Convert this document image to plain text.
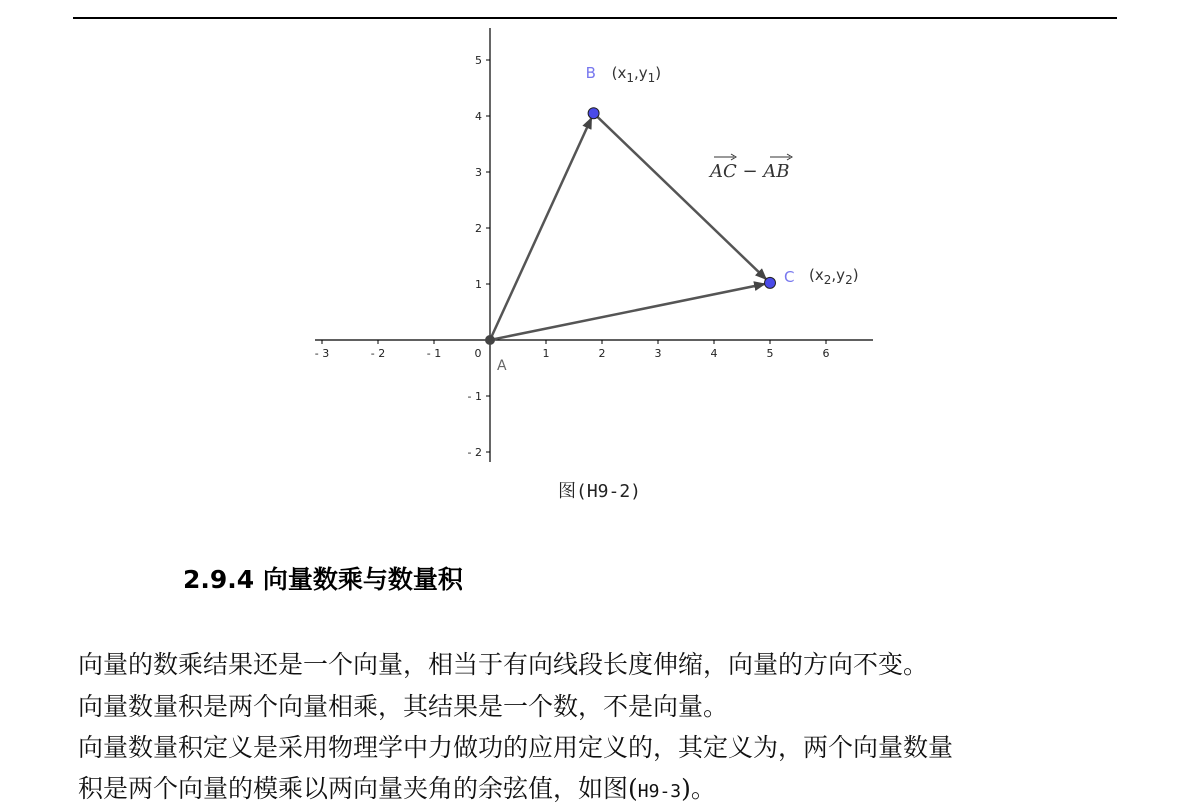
- 3	- 2	- 1	0	1	2	3	4	5	6
5
4
3
2
1
- 1
- 2
A
B
C
(x1,y1)
(x2,y2)
AC − AB
图(H9-2)
2.9.4 向量数乘与数量积
向量的数乘结果还是一个向量，相当于有向线段长度伸缩，向量的方向不变。
向量数量积是两个向量相乘，其结果是一个数，不是向量。
向量数量积定义是采用物理学中力做功的应用定义的，其定义为，两个向量数量
积是两个向量的模乘以两向量夹角的余弦值，如图(H9-3)。
